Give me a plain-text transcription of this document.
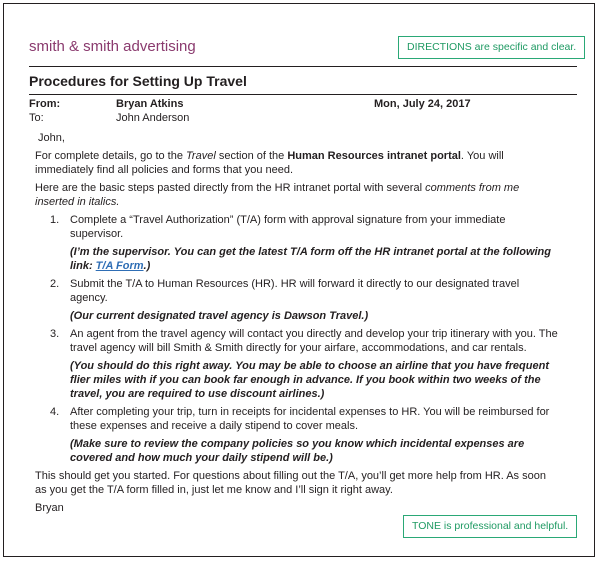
smith & smith advertising	DIRECTIONS are specific and clear.
Procedures for Setting Up Travel
From:	Bryan Atkins	Mon, July 24, 2017
To:	John Anderson

John,

For complete details, go to the Travel section of the Human Resources intranet portal. You will immediately find all policies and forms that you need.

Here are the basic steps pasted directly from the HR intranet portal with several comments from me inserted in italics.

1. Complete a “Travel Authorization” (T/A) form with approval signature from your immediate supervisor.

(I’m the supervisor. You can get the latest T/A form off the HR intranet portal at the following link: T/A Form.)

2. Submit the T/A to Human Resources (HR). HR will forward it directly to our designated travel agency.

(Our current designated travel agency is Dawson Travel.)

3. An agent from the travel agency will contact you directly and develop your trip itinerary with you. The travel agency will bill Smith & Smith directly for your airfare, accommodations, and car rentals.

(You should do this right away. You may be able to choose an airline that you have frequent flier miles with if you can book far enough in advance. If you book within two weeks of the travel, you are required to use discount airlines.)

4. After completing your trip, turn in receipts for incidental expenses to HR. You will be reimbursed for these expenses and receive a daily stipend to cover meals.

(Make sure to review the company policies so you know which incidental expenses are covered and how much your daily stipend will be.)

This should get you started. For questions about filling out the T/A, you’ll get more help from HR. As soon as you get the T/A form filled in, just let me know and I’ll sign it right away.

Bryan

TONE is professional and helpful.
